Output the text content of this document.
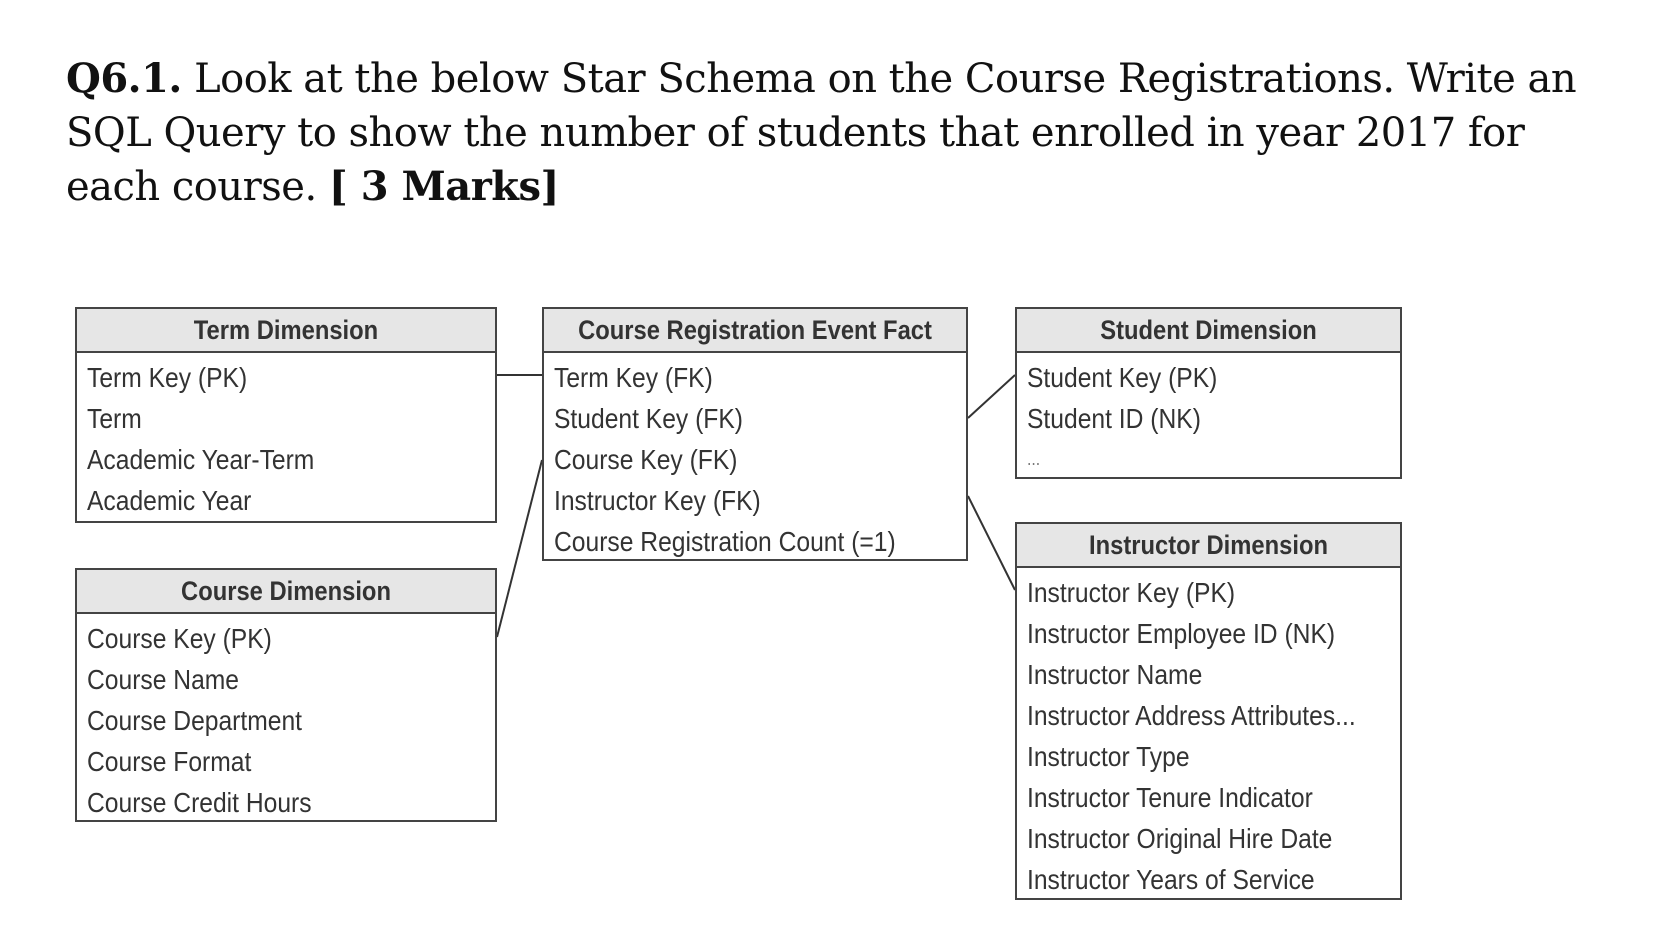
Q6.1. Look at the below Star Schema on the Course Registrations. Write an SQL Query to show the number of students that enrolled in year 2017 for each course. [ 3 Marks]
Term Dimension
Term Key (PK)
Term
Academic Year-Term
Academic Year
Course Dimension
Course Key (PK)
Course Name
Course Department
Course Format
Course Credit Hours
Course Registration Event Fact
Term Key (FK)
Student Key (FK)
Course Key (FK)
Instructor Key (FK)
Course Registration Count (=1)
Student Dimension
Student Key (PK)
Student ID (NK)
...
Instructor Dimension
Instructor Key (PK)
Instructor Employee ID (NK)
Instructor Name
Instructor Address Attributes...
Instructor Type
Instructor Tenure Indicator
Instructor Original Hire Date
Instructor Years of Service
